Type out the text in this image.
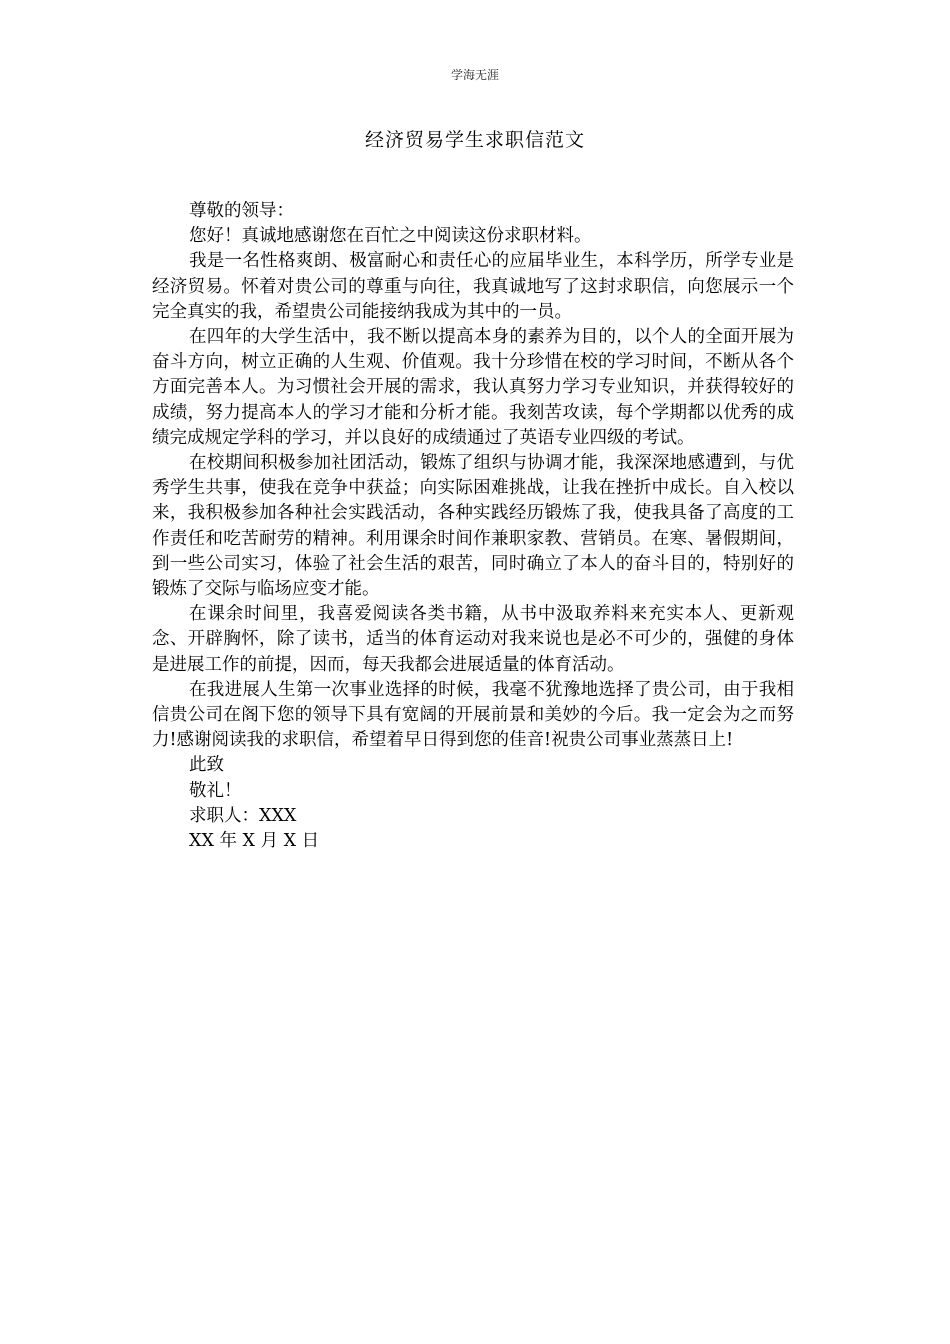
学海无涯
经济贸易学生求职信范文

尊敬的领导：

您好！真诚地感谢您在百忙之中阅读这份求职材料。

我是一名性格爽朗、极富耐心和责任心的应届毕业生，本科学历，所学专业是经济贸易。怀着对贵公司的尊重与向往，我真诚地写了这封求职信，向您展示一个完全真实的我，希望贵公司能接纳我成为其中的一员。

在四年的大学生活中，我不断以提高本身的素养为目的，以个人的全面开展为奋斗方向，树立正确的人生观、价值观。我十分珍惜在校的学习时间，不断从各个方面完善本人。为习惯社会开展的需求，我认真努力学习专业知识，并获得较好的成绩，努力提高本人的学习才能和分析才能。我刻苦攻读，每个学期都以优秀的成绩完成规定学科的学习，并以良好的成绩通过了英语专业四级的考试。

在校期间积极参加社团活动，锻炼了组织与协调才能，我深深地感遭到，与优秀学生共事，使我在竞争中获益；向实际困难挑战，让我在挫折中成长。自入校以来，我积极参加各种社会实践活动，各种实践经历锻炼了我，使我具备了高度的工作责任和吃苦耐劳的精神。利用课余时间作兼职家教、营销员。在寒、暑假期间，到一些公司实习，体验了社会生活的艰苦，同时确立了本人的奋斗目的，特别好的锻炼了交际与临场应变才能。

在课余时间里，我喜爱阅读各类书籍，从书中汲取养料来充实本人、更新观念、开辟胸怀，除了读书，适当的体育运动对我来说也是必不可少的，强健的身体是进展工作的前提，因而，每天我都会进展适量的体育活动。

在我进展人生第一次事业选择的时候，我毫不犹豫地选择了贵公司，由于我相信贵公司在阁下您的领导下具有宽阔的开展前景和美妙的今后。我一定会为之而努力!感谢阅读我的求职信，希望着早日得到您的佳音!祝贵公司事业蒸蒸日上!

此致

敬礼！

求职人：XXX

XX 年 X 月 X 日
